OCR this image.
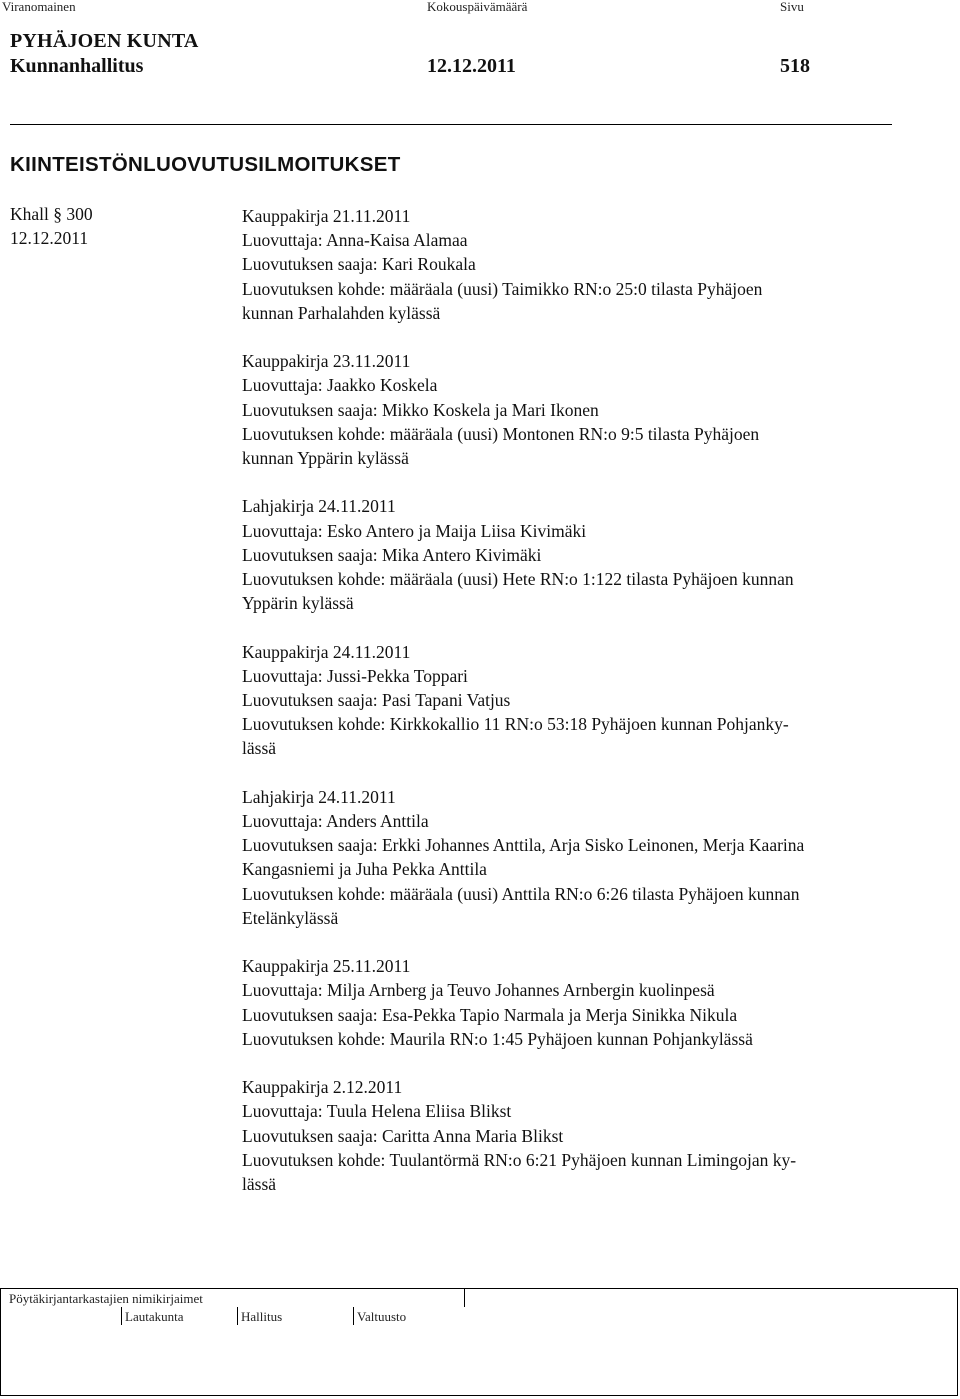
Viranomainen	Kokouspäivämäärä	Sivu
PYHÄJOEN KUNTA
Kunnanhallitus	12.12.2011	518
KIINTEISTÖNLUOVUTUSILMOITUKSET
Khall § 300
12.12.2011
Kauppakirja 21.11.2011
Luovuttaja: Anna-Kaisa Alamaa
Luovutuksen saaja: Kari Roukala
Luovutuksen kohde: määräala (uusi) Taimikko RN:o 25:0 tilasta Pyhäjoen
kunnan Parhalahden kylässä
Kauppakirja 23.11.2011
Luovuttaja: Jaakko Koskela
Luovutuksen saaja: Mikko Koskela ja Mari Ikonen
Luovutuksen kohde: määräala (uusi) Montonen RN:o 9:5 tilasta Pyhäjoen
kunnan Yppärin kylässä
Lahjakirja 24.11.2011
Luovuttaja: Esko Antero ja Maija Liisa Kivimäki
Luovutuksen saaja: Mika Antero Kivimäki
Luovutuksen kohde: määräala (uusi) Hete RN:o 1:122 tilasta Pyhäjoen kunnan
Yppärin kylässä
Kauppakirja 24.11.2011
Luovuttaja: Jussi-Pekka Toppari
Luovutuksen saaja: Pasi Tapani Vatjus
Luovutuksen kohde: Kirkkokallio 11 RN:o 53:18 Pyhäjoen kunnan Pohjanky-
lässä
Lahjakirja 24.11.2011
Luovuttaja: Anders Anttila
Luovutuksen saaja: Erkki Johannes Anttila, Arja Sisko Leinonen, Merja Kaarina
Kangasniemi ja Juha Pekka Anttila
Luovutuksen kohde: määräala (uusi) Anttila RN:o 6:26 tilasta Pyhäjoen kunnan
Etelänkylässä
Kauppakirja 25.11.2011
Luovuttaja: Milja Arnberg ja Teuvo Johannes Arnbergin kuolinpesä
Luovutuksen saaja: Esa-Pekka Tapio Narmala ja Merja Sinikka Nikula
Luovutuksen kohde: Maurila RN:o 1:45 Pyhäjoen kunnan Pohjankylässä
Kauppakirja 2.12.2011
Luovuttaja: Tuula Helena Eliisa Blikst
Luovutuksen saaja: Caritta Anna Maria Blikst
Luovutuksen kohde: Tuulantörmä RN:o 6:21 Pyhäjoen kunnan Limingojan ky-
lässä
Pöytäkirjantarkastajien nimikirjaimet
Lautakunta	Hallitus	Valtuusto
